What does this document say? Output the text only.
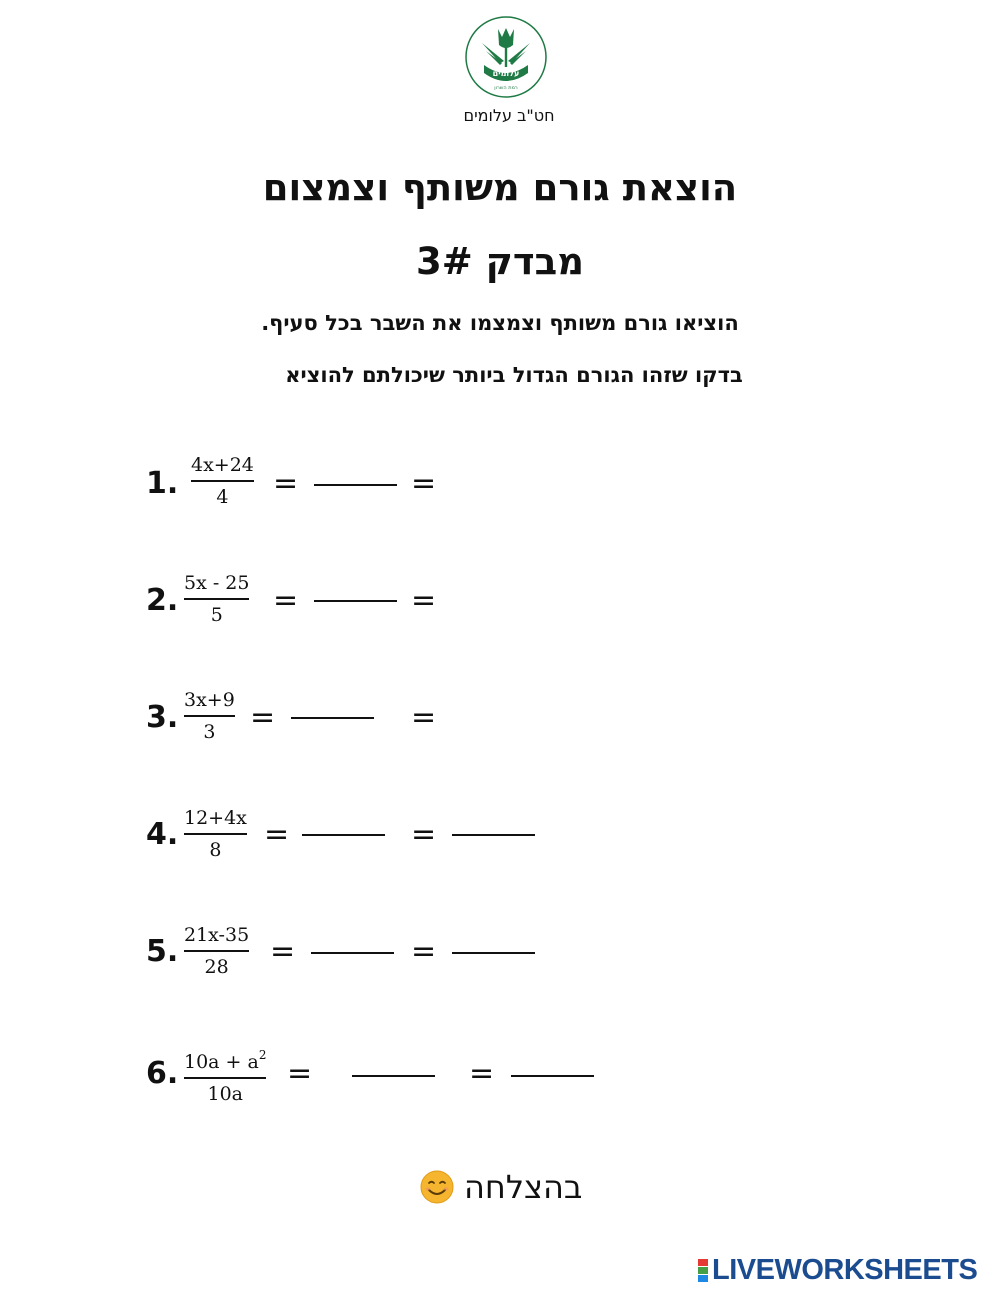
עלומים
רמת השרון
חט"ב עלומים
הוצאת גורם משותף וצמצום
מבדק 3#
הוציאו גורם משותף וצמצמו את השבר בכל סעיף.
בדקו שזהו הגורם הגדול ביותר שיכולתם להוציא
1.
4x+24
4 =	=
2. 5x - 25
5 =	=
3. 3x+9
3 =	=
4. 12+4x
8 =	=
5. 21x-35
28 =	=
6. $10a + a^2$
10a
=	=
בהצלחה
LIVEWORKSHEETS
